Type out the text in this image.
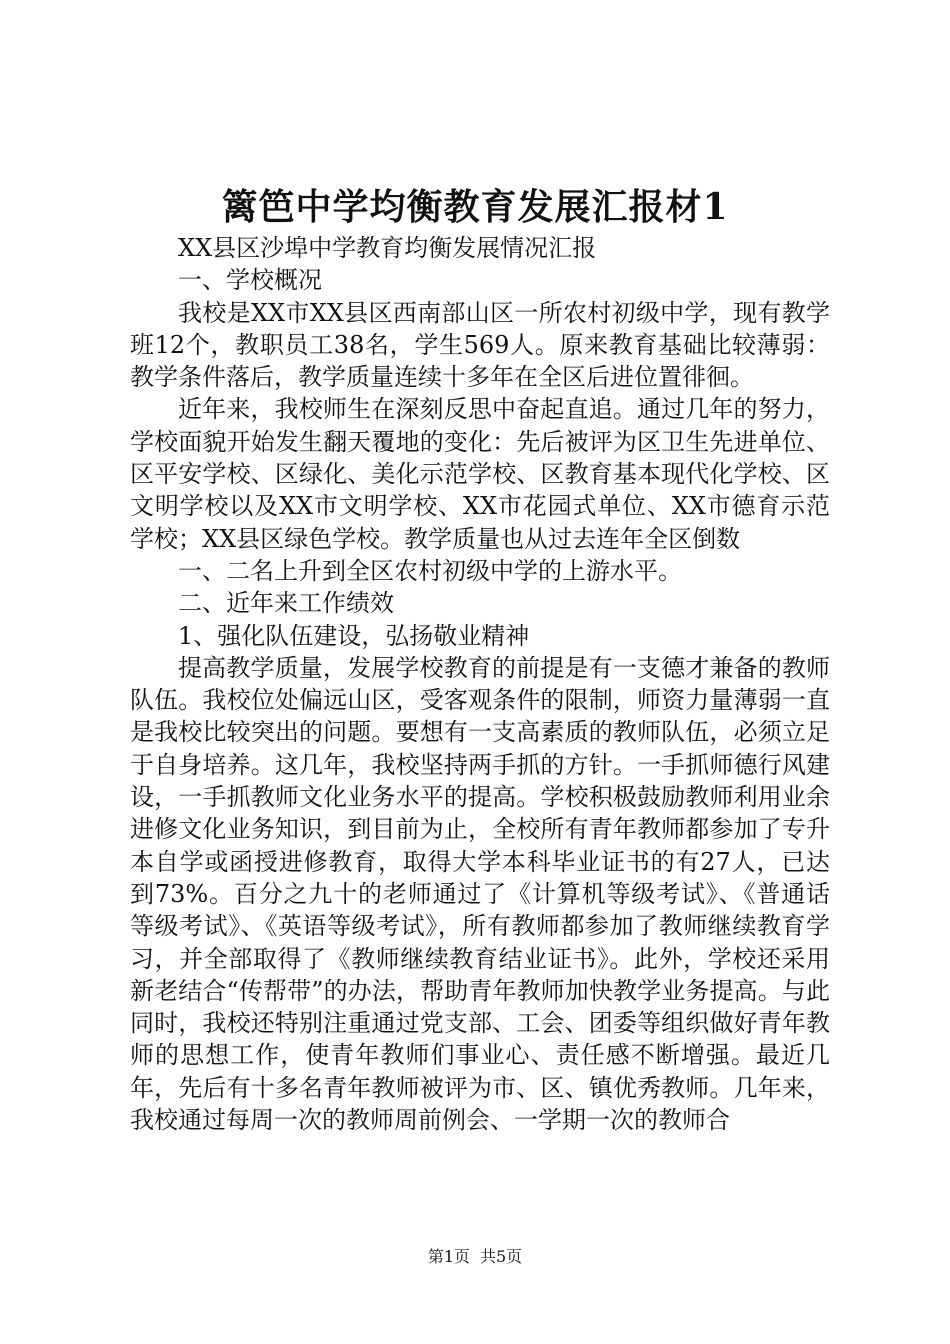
篱笆中学均衡教育发展汇报材1

XX县区沙埠中学教育均衡发展情况汇报

一、学校概况

我校是XX市XX县区西南部山区一所农村初级中学，现有教学班12个，教职员工38名，学生569人。原来教育基础比较薄弱：教学条件落后，教学质量连续十多年在全区后进位置徘徊。

近年来，我校师生在深刻反思中奋起直追。通过几年的努力，学校面貌开始发生翻天覆地的变化：先后被评为区卫生先进单位、区平安学校、区绿化、美化示范学校、区教育基本现代化学校、区文明学校以及XX市文明学校、XX市花园式单位、XX市德育示范学校；XX县区绿色学校。教学质量也从过去连年全区倒数

一、二名上升到全区农村初级中学的上游水平。

二、近年来工作绩效

1、强化队伍建设，弘扬敬业精神

提高教学质量，发展学校教育的前提是有一支德才兼备的教师队伍。我校位处偏远山区，受客观条件的限制，师资力量薄弱一直是我校比较突出的问题。要想有一支高素质的教师队伍，必须立足于自身培养。这几年，我校坚持两手抓的方针。一手抓师德行风建设，一手抓教师文化业务水平的提高。学校积极鼓励教师利用业余进修文化业务知识，到目前为止，全校所有青年教师都参加了专升本自学或函授进修教育，取得大学本科毕业证书的有27人，已达到73%。百分之九十的老师通过了《计算机等级考试》、《普通话等级考试》、《英语等级考试》，所有教师都参加了教师继续教育学习，并全部取得了《教师继续教育结业证书》。此外，学校还采用新老结合“传帮带”的办法，帮助青年教师加快教学业务提高。与此同时，我校还特别注重通过党支部、工会、团委等组织做好青年教师的思想工作，使青年教师们事业心、责任感不断增强。最近几年，先后有十多名青年教师被评为市、区、镇优秀教师。几年来，我校通过每周一次的教师周前例会、一学期一次的教师合

第1页 共5页
